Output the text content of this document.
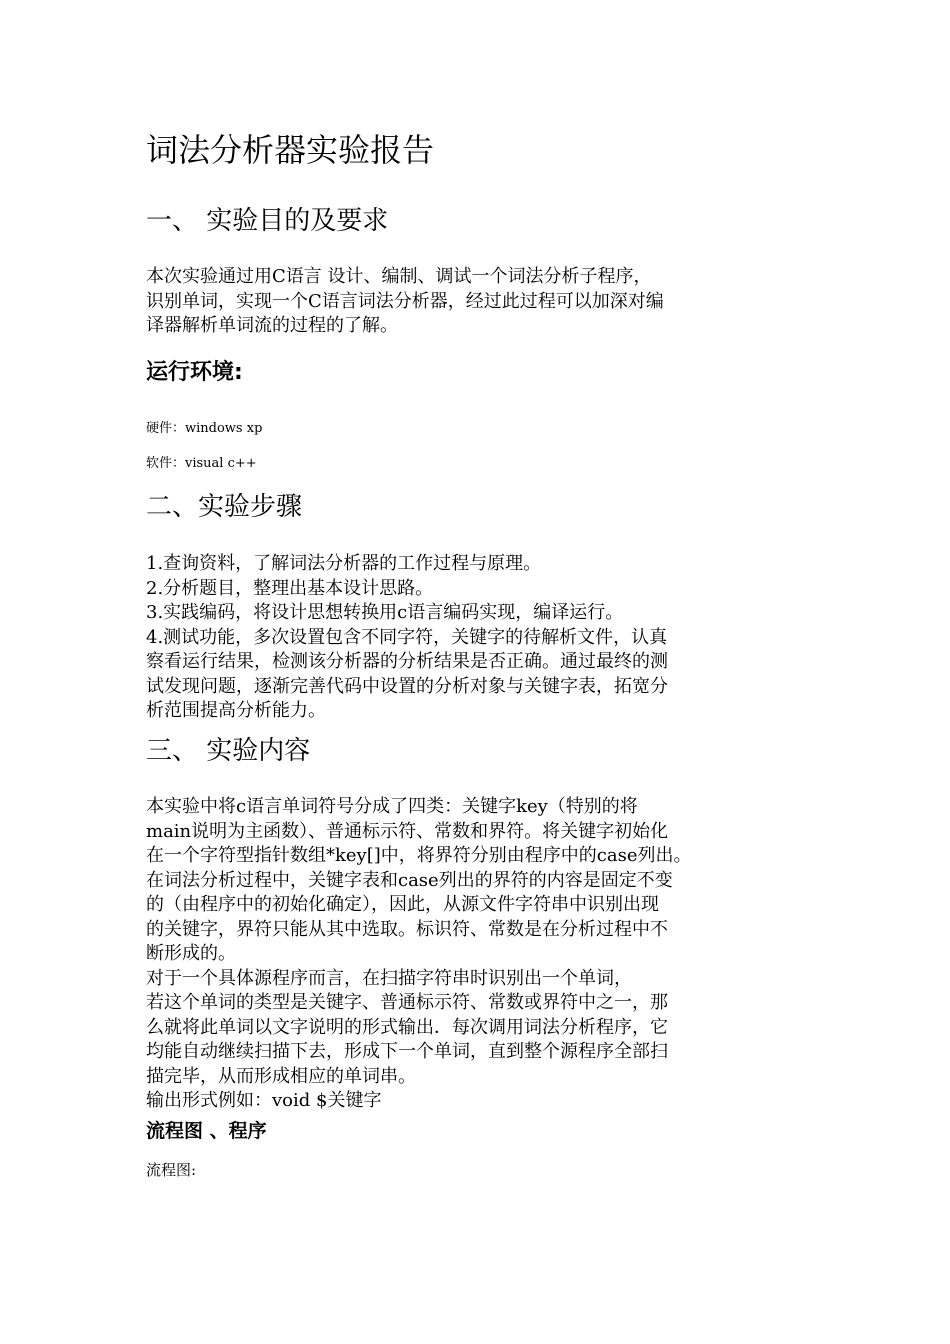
词法分析器实验报告
一、 实验目的及要求
本次实验通过用C语言 设计、编制、调试一个词法分析子程序，
识别单词，实现一个C语言词法分析器，经过此过程可以加深对编
译器解析单词流的过程的了解。
运行环境:
硬件：windows xp
软件：visual c++
二、实验步骤
1.查询资料，了解词法分析器的工作过程与原理。
2.分析题目，整理出基本设计思路。
3.实践编码，将设计思想转换用c语言编码实现，编译运行。
4.测试功能，多次设置包含不同字符，关键字的待解析文件，认真
察看运行结果，检测该分析器的分析结果是否正确。通过最终的测
试发现问题，逐渐完善代码中设置的分析对象与关键字表，拓宽分
析范围提高分析能力。
三、 实验内容
本实验中将c语言单词符号分成了四类：关键字key（特别的将
main说明为主函数）、普通标示符、常数和界符。将关键字初始化
在一个字符型指针数组*key[]中，将界符分别由程序中的case列出。
在词法分析过程中，关键字表和case列出的界符的内容是固定不变
的（由程序中的初始化确定），因此，从源文件字符串中识别出现
的关键字，界符只能从其中选取。标识符、常数是在分析过程中不
断形成的。
对于一个具体源程序而言，在扫描字符串时识别出一个单词，
若这个单词的类型是关键字、普通标示符、常数或界符中之一，那
么就将此单词以文字说明的形式输出．每次调用词法分析程序，它
均能自动继续扫描下去，形成下一个单词，直到整个源程序全部扫
描完毕，从而形成相应的单词串。
输出形式例如：void $关键字
流程图 、程序
流程图:
